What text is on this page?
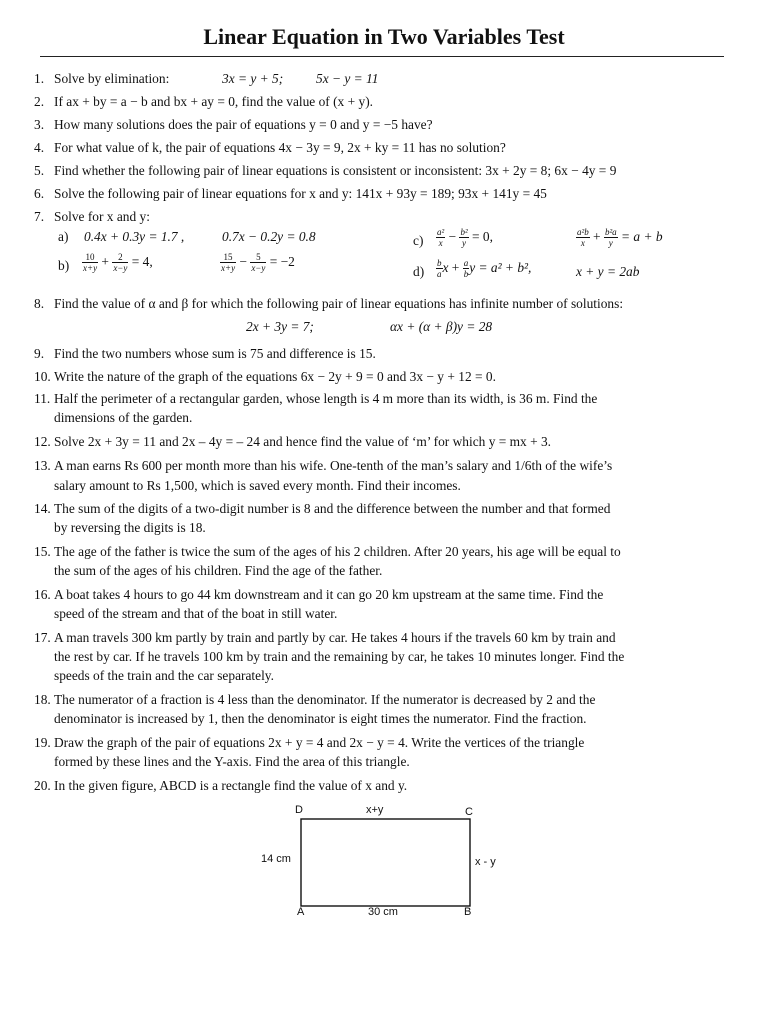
Linear Equation in Two Variables Test
1. Solve by elimination:	3x = y + 5; 5x − y = 11
2. If ax + by = a − b and bx + ay = 0, find the value of (x + y).
3. How many solutions does the pair of equations y = 0 and y = −5 have?
4. For what value of k, the pair of equations 4x − 3y = 9, 2x + ky = 11 has no solution?
5. Find whether the following pair of linear equations is consistent or inconsistent: 3x + 2y = 8; 6x − 4y = 9
6. Solve the following pair of linear equations for x and y: 141x + 93y = 189; 93x + 141y = 45
7. Solve for x and y:
a) 0.4x + 0.3y = 1.7 ,	0.7x − 0.2y = 0.8
$b) \frac{10}{x+y} + \frac{2}{x-y} = 4$,	$\frac{15}{x+y} - \frac{5}{x-y} = -2$
$c) \frac{\text{a²}}{x} - \frac{\text{b²}}{y} = 0$,	$\frac{\text{a²b}}{x} + \frac{\text{b²a}}{y} = a + b$
$d) \frac{b}{a}$ $x + \frac{a}{b}$ y = a² + b²,	x + y = 2ab
8. Find the value of α and β for which the following pair of linear equations has infinite number of solutions:
2x + 3y = 7;	αx + (α + β)y = 28
9. Find the two numbers whose sum is 75 and difference is 15.
10. Write the nature of the graph of the equations 6x − 2y + 9 = 0 and 3x − y + 12 = 0.
11. Half the perimeter of a rectangular garden, whose length is 4 m more than its width, is 36 m. Find the
dimensions of the garden.
12. Solve 2x + 3y = 11 and 2x – 4y = – 24 and hence find the value of ‘m’ for which y = mx + 3.
13. A man earns Rs 600 per month more than his wife. One-tenth of the man’s salary and 1/6th of the wife’s
salary amount to Rs 1,500, which is saved every month. Find their incomes.
14. The sum of the digits of a two-digit number is 8 and the difference between the number and that formed
by reversing the digits is 18.
15. The age of the father is twice the sum of the ages of his 2 children. After 20 years, his age will be equal to
the sum of the ages of his children. Find the age of the father.
16. A boat takes 4 hours to go 44 km downstream and it can go 20 km upstream at the same time. Find the
speed of the stream and that of the boat in still water.
17. A man travels 300 km partly by train and partly by car. He takes 4 hours if the travels 60 km by train and
the rest by car. If he travels 100 km by train and the remaining by car, he takes 10 minutes longer. Find the
speeds of the train and the car separately.
18. The numerator of a fraction is 4 less than the denominator. If the numerator is decreased by 2 and the
denominator is increased by 1, then the denominator is eight times the numerator. Find the fraction.
19. Draw the graph of the pair of equations 2x + y = 4 and 2x − y = 4. Write the vertices of the triangle
formed by these lines and the Y-axis. Find the area of this triangle.
20. In the given figure, ABCD is a rectangle find the value of x and y.
D	C
A	B
x+y
14 cm	x - y
30 cm
